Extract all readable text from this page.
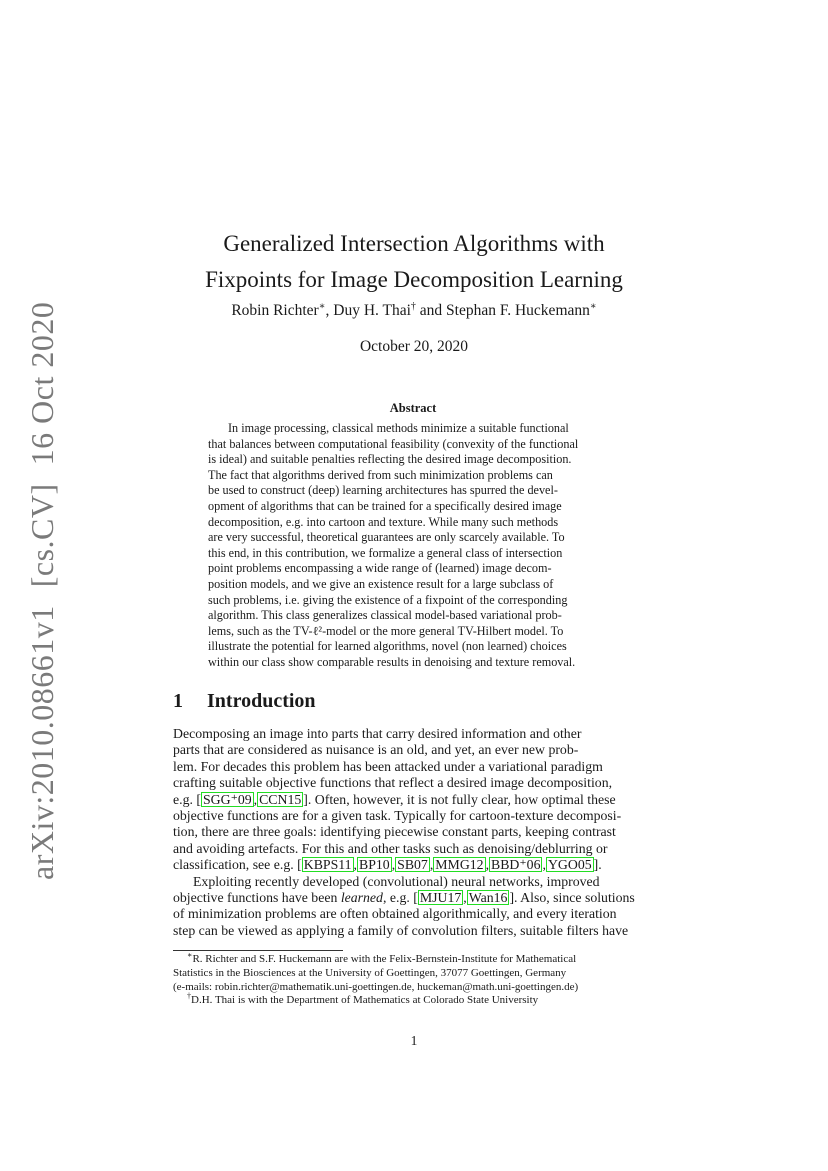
arXiv:2010.08661v1[cs.CV]16 Oct 2020
Generalized Intersection Algorithms with
Fixpoints for Image Decomposition Learning
Robin Richter∗, Duy H. Thai† and Stephan F. Huckemann∗
October 20, 2020
Abstract
In image processing, classical methods minimize a suitable functional
that balances between computational feasibility (convexity of the functional
is ideal) and suitable penalties reflecting the desired image decomposition.
The fact that algorithms derived from such minimization problems can
be used to construct (deep) learning architectures has spurred the devel-
opment of algorithms that can be trained for a specifically desired image
decomposition, e.g. into cartoon and texture. While many such methods
are very successful, theoretical guarantees are only scarcely available. To
this end, in this contribution, we formalize a general class of intersection
point problems encompassing a wide range of (learned) image decom-
position models, and we give an existence result for a large subclass of
such problems, i.e. giving the existence of a fixpoint of the corresponding
algorithm. This class generalizes classical model-based variational prob-
lems, such as the TV-ℓ²-model or the more general TV-Hilbert model. To
illustrate the potential for learned algorithms, novel (non learned) choices
within our class show comparable results in denoising and texture removal.
1 Introduction
Decomposing an image into parts that carry desired information and other
parts that are considered as nuisance is an old, and yet, an ever new prob-
lem. For decades this problem has been attacked under a variational paradigm
crafting suitable objective functions that reflect a desired image decomposition,
e.g. [ SGG⁺09 , CCN15 ]. Often, however, it is not fully clear, how optimal these
objective functions are for a given task. Typically for cartoon-texture decomposi-
tion, there are three goals: identifying piecewise constant parts, keeping contrast
and avoiding artefacts. For this and other tasks such as denoising/deblurring or
classification, see e.g. [ KBPS11 , BP10 , SB07 , MMG12 , BBD⁺06 , YGO05 ].
Exploiting recently developed (convolutional) neural networks, improved
objective functions have been learned, e.g. [ MJU17 , Wan16 ]. Also, since solutions
of minimization problems are often obtained algorithmically, and every iteration
step can be viewed as applying a family of convolution filters, suitable filters have
∗R. Richter and S.F. Huckemann are with the Felix-Bernstein-Institute for Mathematical
Statistics in the Biosciences at the University of Goettingen, 37077 Goettingen, Germany
(e-mails: robin.richter@mathematik.uni-goettingen.de, huckeman@math.uni-goettingen.de)
†D.H. Thai is with the Department of Mathematics at Colorado State University
1
